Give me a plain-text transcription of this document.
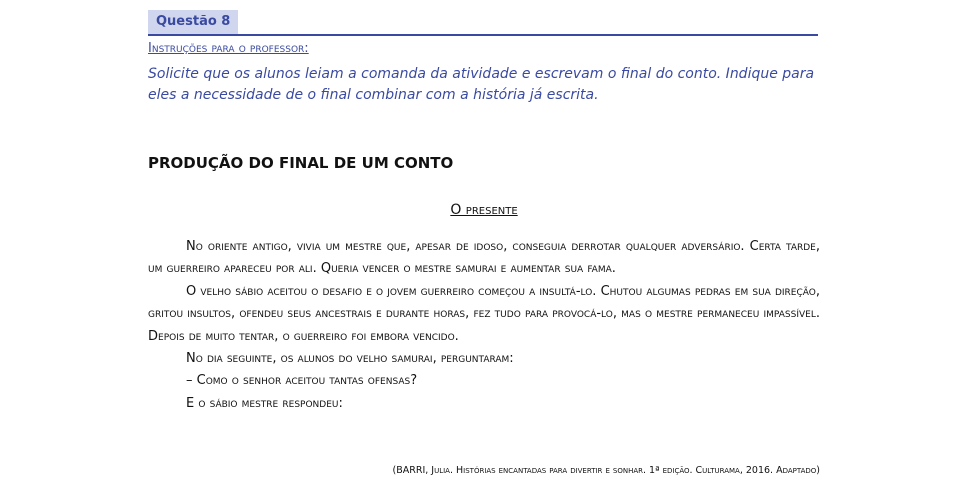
Questão 8
Instruções para o professor:
Solicite que os alunos leiam a comanda da atividade e escrevam o final do conto. Indique para eles a necessidade de o final combinar com a história já escrita.
PRODUÇÃO DO FINAL DE UM CONTO
O presente

No oriente antigo, vivia um mestre que, apesar de idoso, conseguia derrotar qualquer adversário. Certa tarde, um guerreiro apareceu por ali. Queria vencer o mestre samurai e aumentar sua fama.

O velho sábio aceitou o desafio e o jovem guerreiro começou a insultá-lo. Chutou algumas pedras em sua direção, gritou insultos, ofendeu seus ancestrais e durante horas, fez tudo para provocá-lo, mas o mestre permaneceu impassível. Depois de muito tentar, o guerreiro foi embora vencido.

No dia seguinte, os alunos do velho samurai, perguntaram:

– Como o senhor aceitou tantas ofensas?

E o sábio mestre respondeu:

(BARRI, Julia. Histórias encantadas para divertir e sonhar. 1ª edição. Culturama, 2016. Adaptado)
